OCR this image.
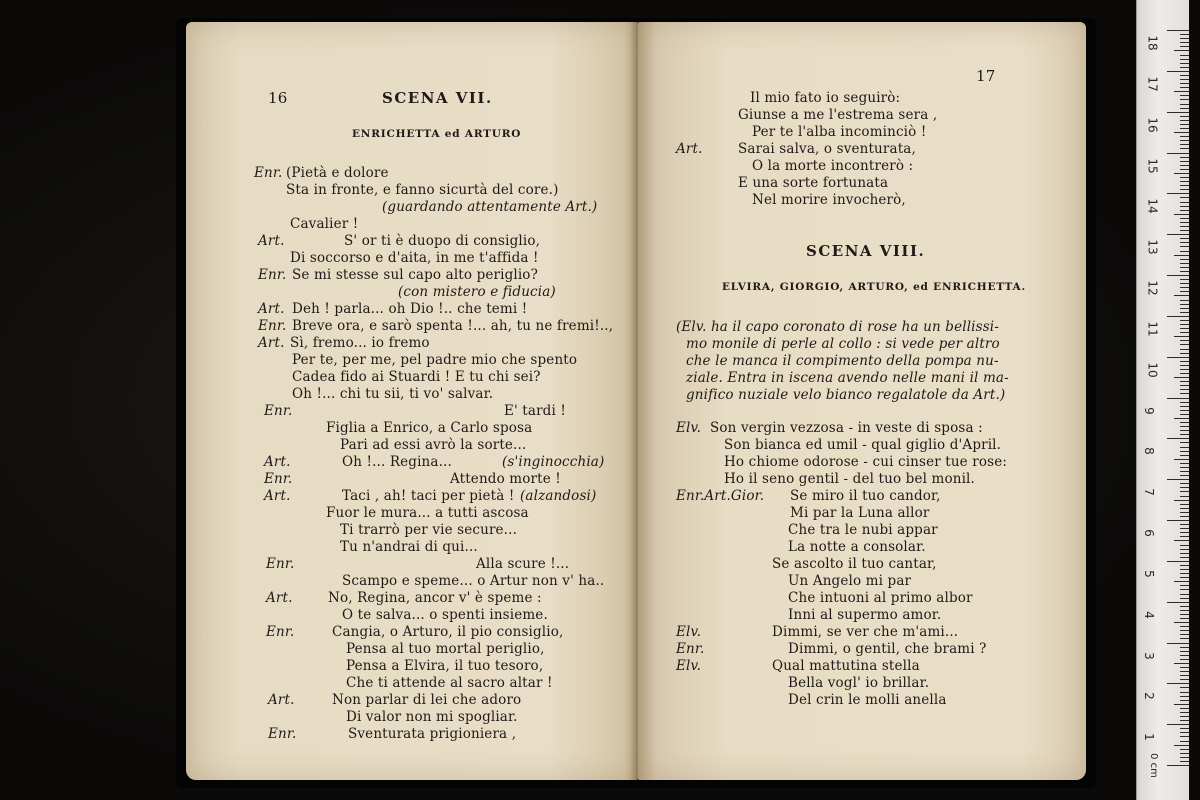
16	SCENA VII.
ENRICHETTA ed ARTURO
Enr. (Pietà e dolore
Sta in fronte, e fanno sicurtà del core.)
(guardando attentamente Art.)
Cavalier !
Art.	S' or ti è duopo di consiglio,
Di soccorso e d'aita, in me t'affida !
Enr. Se mi stesse sul capo alto periglio?
(con mistero e fiducia)
Art. Deh ! parla... oh Dio !.. che temi !
Enr. Breve ora, e sarò spenta !... ah, tu ne fremi!..,
Art. Sì, fremo... io fremo
Per te, per me, pel padre mio che spento
Cadea fido ai Stuardi ! E tu chi sei?
Oh !... chi tu sii, ti vo' salvar.
Enr.	E' tardi !
Figlia a Enrico, a Carlo sposa
Pari ad essi avrò la sorte...
Art.	Oh !... Regina...	(s'inginocchia)
Enr.	Attendo morte !
Art.	Taci , ah! taci per pietà ! (alzandosi)
Fuor le mura... a tutti ascosa
Ti trarrò per vie secure...
Tu n'andrai di qui...
Enr.	Alla scure !...
Scampo e speme... o Artur non v' ha..
Art.	No, Regina, ancor v' è speme :
O te salva... o spenti insieme.
Enr.	Cangia, o Arturo, il pio consiglio,
Pensa al tuo mortal periglio,
Pensa a Elvira, il tuo tesoro,
Che ti attende al sacro altar !
Art.	Non parlar di lei che adoro
Di valor non mi spogliar.
Enr.	Sventurata prigioniera ,
17
Il mio fato io seguirò:
Giunse a me l'estrema sera ,
Per te l'alba incominciò !
Art.	Sarai salva, o sventurata,
O la morte incontrerò :
E una sorte fortunata
Nel morire invocherò,
SCENA VIII.
ELVIRA, GIORGIO, ARTURO, ed ENRICHETTA.
(Elv. ha il capo coronato di rose ha un bellissi-
mo monile di perle al collo : si vede per altro
che le manca il compimento della pompa nu-
ziale. Entra in iscena avendo nelle mani il ma-
gnifico nuziale velo bianco regalatole da Art.)
Elv. Son vergin vezzosa - in veste di sposa :
Son bianca ed umil - qual giglio d'April.
Ho chiome odorose - cui cinser tue rose:
Ho il seno gentil - del tuo bel monil.
Enr.Art.Gior. Se miro il tuo candor,
Mi par la Luna allor
Che tra le nubi appar
La notte a consolar.
Se ascolto il tuo cantar,
Un Angelo mi par
Che intuoni al primo albor
Inni al supermo amor.
Elv.	Dimmi, se ver che m'ami...
Enr.	Dimmi, o gentil, che brami ?
Elv.	Qual mattutina stella
Bella vogl' io brillar.
Del crin le molli anella
0 cm
18
17
16
15
14
13
12
11
10
9
8
7
6
5
4
3
2
1
